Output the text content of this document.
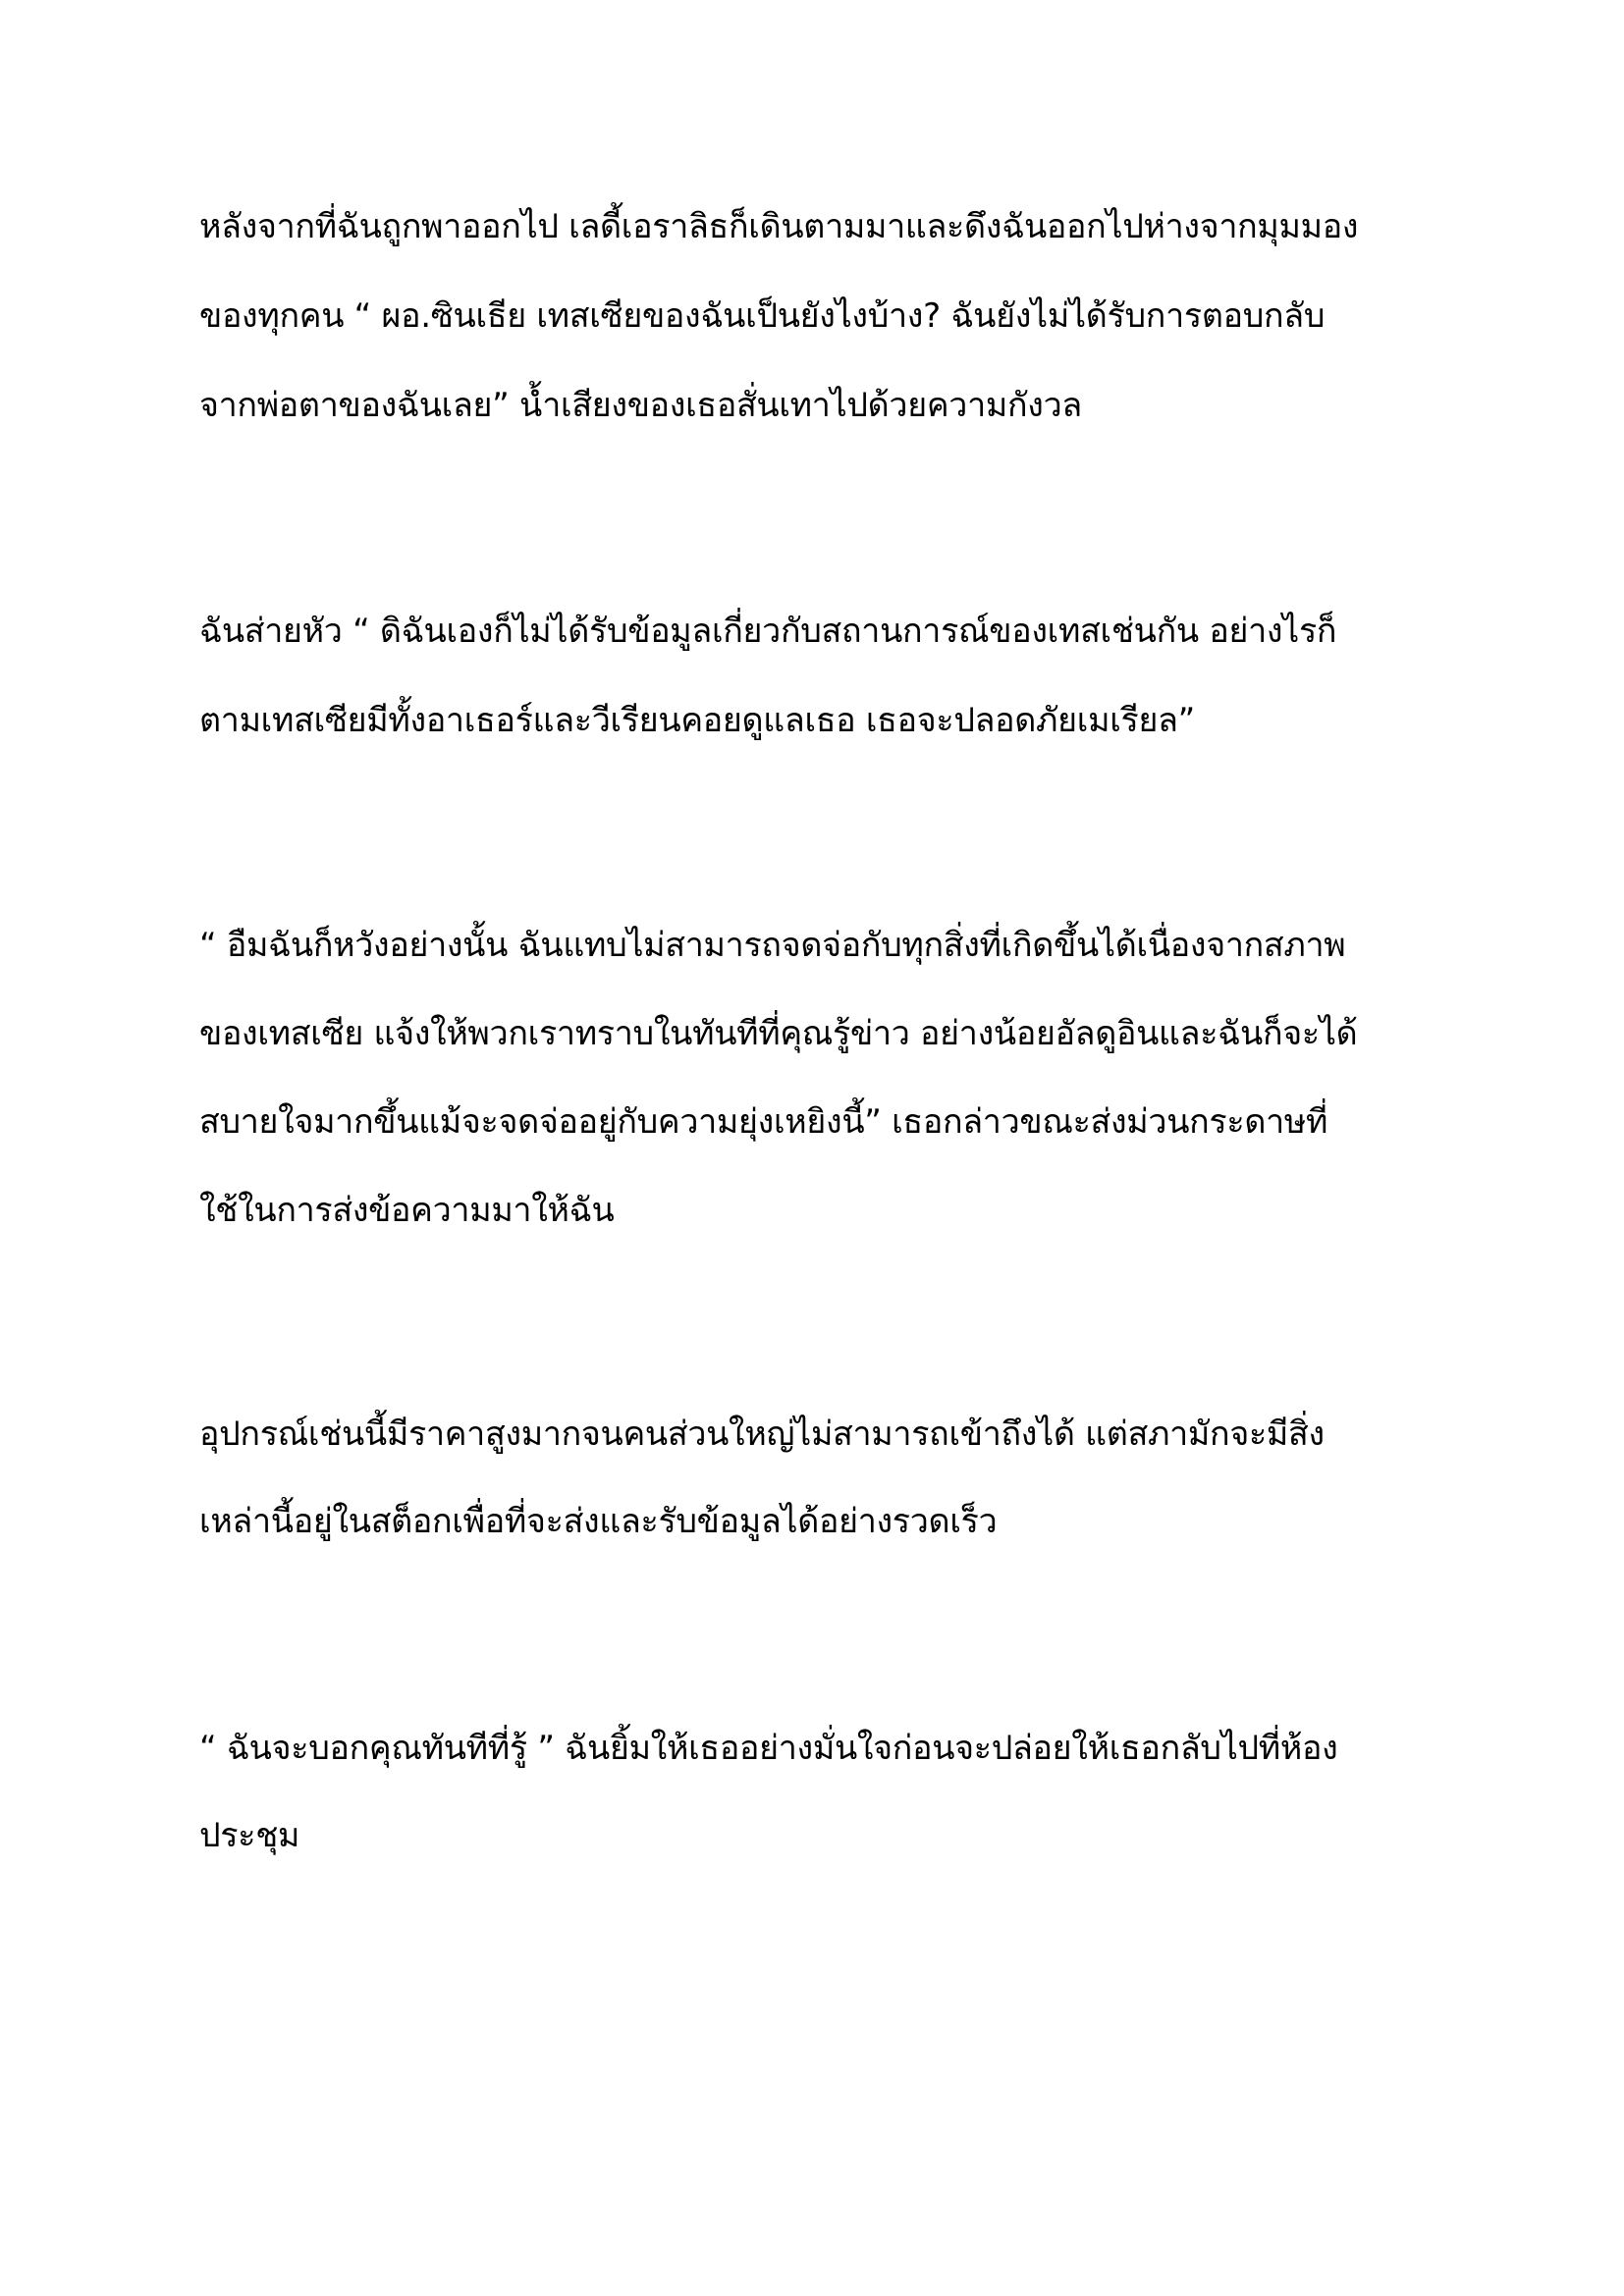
หลังจากที่ฉันถูกพาออกไป เลดี้เอราลิธก็เดินตามมาและดึงฉันออกไปห่างจากมุมมอง

ของทุกคน “ ผอ.ซินเธีย เทสเซียของฉันเป็นยังไงบ้าง? ฉันยังไม่ได้รับการตอบกลับ

จากพ่อตาของฉันเลย” น้ำเสียงของเธอสั่นเทาไปด้วยความกังวล

ฉันส่ายหัว “ ดิฉันเองก็ไม่ได้รับข้อมูลเกี่ยวกับสถานการณ์ของเทสเช่นกัน อย่างไรก็

ตามเทสเซียมีทั้งอาเธอร์และวีเรียนคอยดูแลเธอ เธอจะปลอดภัยเมเรียล”

“ อืมฉันก็หวังอย่างนั้น ฉันแทบไม่สามารถจดจ่อกับทุกสิ่งที่เกิดขึ้นได้เนื่องจากสภาพ

ของเทสเซีย แจ้งให้พวกเราทราบในทันทีที่คุณรู้ข่าว อย่างน้อยอัลดูอินและฉันก็จะได้

สบายใจมากขึ้นแม้จะจดจ่ออยู่กับความยุ่งเหยิงนี้” เธอกล่าวขณะส่งม่วนกระดาษที่

ใช้ในการส่งข้อความมาให้ฉัน

อุปกรณ์เช่นนี้มีราคาสูงมากจนคนส่วนใหญ่ไม่สามารถเข้าถึงได้ แต่สภามักจะมีสิ่ง

เหล่านี้อยู่ในสต็อกเพื่อที่จะส่งและรับข้อมูลได้อย่างรวดเร็ว

“ ฉันจะบอกคุณทันทีที่รู้ ” ฉันยิ้มให้เธออย่างมั่นใจก่อนจะปล่อยให้เธอกลับไปที่ห้อง

ประชุม
